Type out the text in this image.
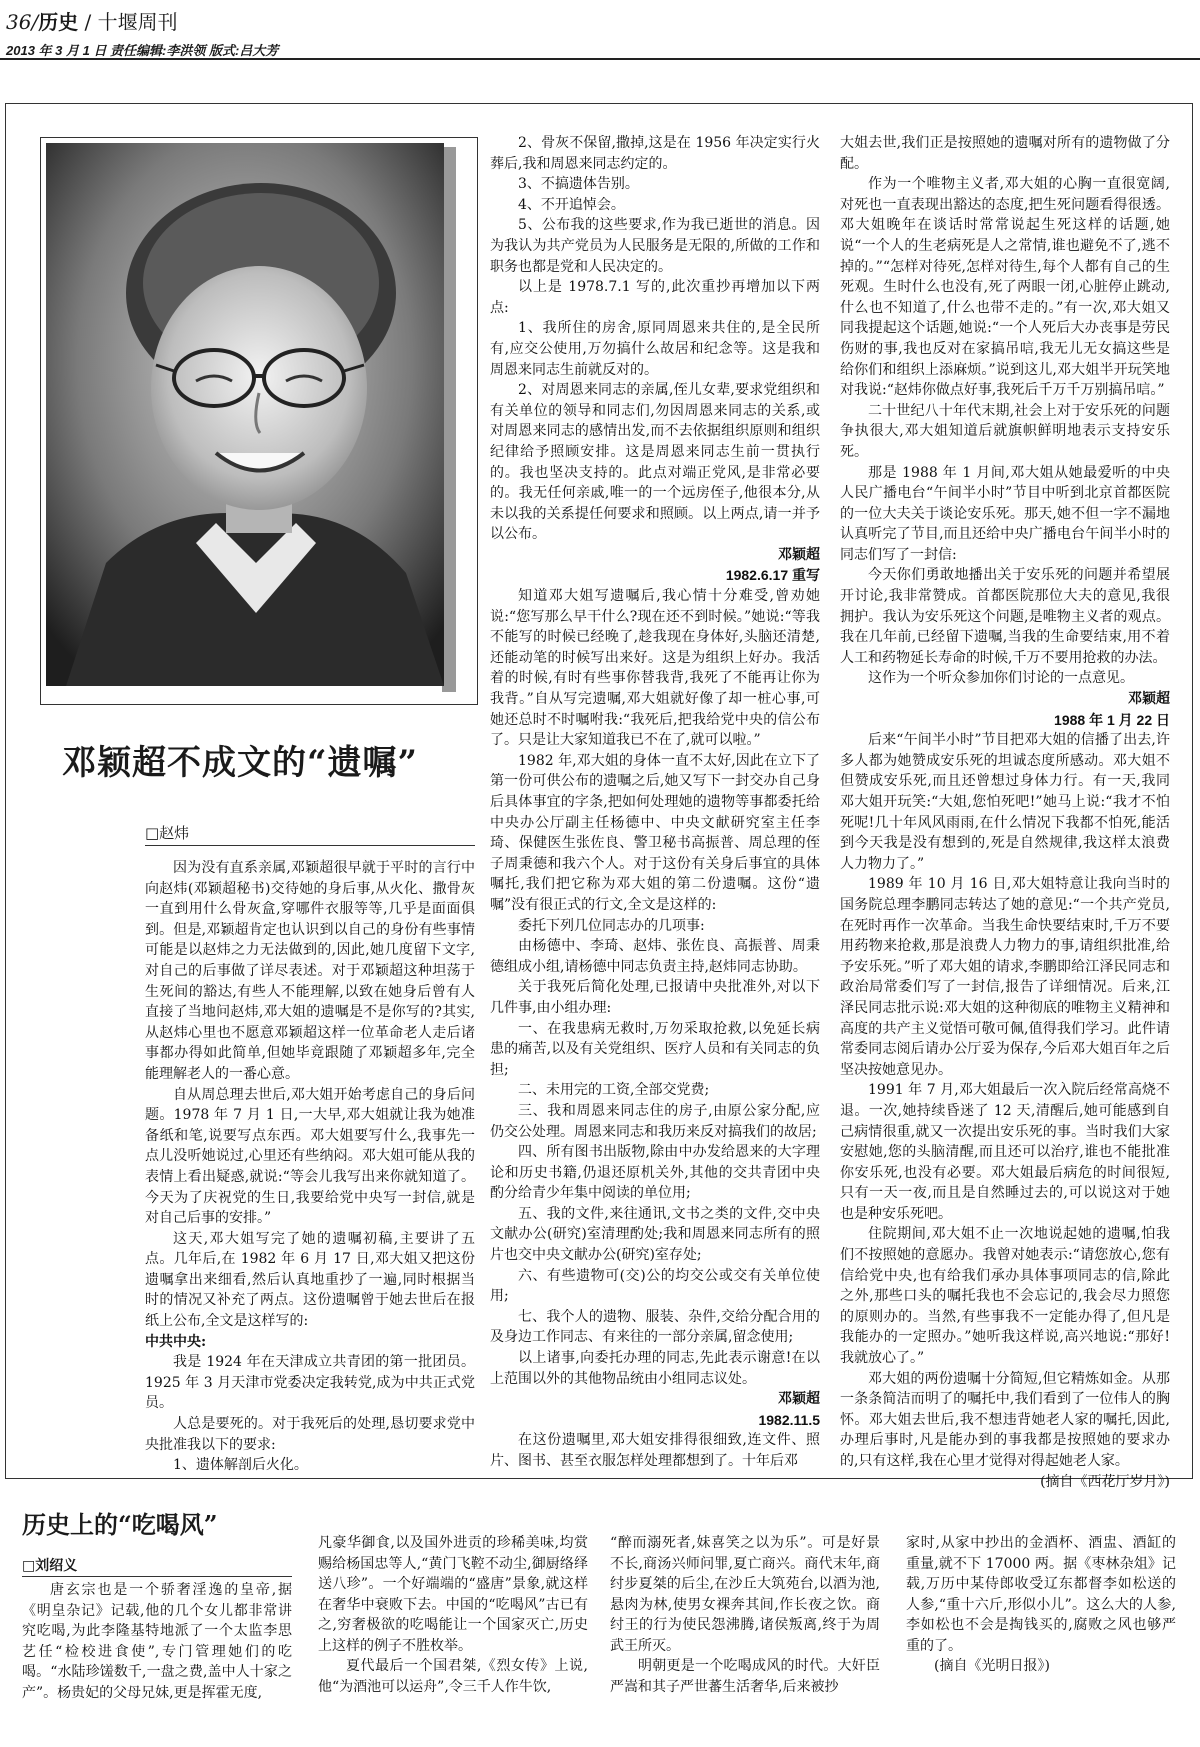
36/历史 / 十堰周刊
2013 年 3 月 1 日 责任编辑:李洪领 版式:吕大芳
邓颖超不成文的“遗嘱”
□赵炜

因为没有直系亲属,邓颖超很早就于平时的言行中向赵炜(邓颖超秘书)交待她的身后事,从火化、撒骨灰一直到用什么骨灰盒,穿哪件衣服等等,几乎是面面俱到。但是,邓颖超肯定也认识到以自己的身份有些事情可能是以赵炜之力无法做到的,因此,她几度留下文字,对自己的后事做了详尽表述。对于邓颖超这种坦荡于生死间的豁达,有些人不能理解,以致在她身后曾有人直接了当地问赵炜,邓大姐的遗嘱是不是你写的?其实,从赵炜心里也不愿意邓颖超这样一位革命老人走后诸事都办得如此简单,但她毕竟跟随了邓颖超多年,完全能理解老人的一番心意。

自从周总理去世后,邓大姐开始考虑自己的身后问题。1978 年 7 月 1 日,一大早,邓大姐就让我为她准备纸和笔,说要写点东西。邓大姐要写什么,我事先一点儿没听她说过,心里还有些纳闷。邓大姐可能从我的表情上看出疑惑,就说:“等会儿我写出来你就知道了。今天为了庆祝党的生日,我要给党中央写一封信,就是对自己后事的安排。”

这天,邓大姐写完了她的遗嘱初稿,主要讲了五点。几年后,在 1982 年 6 月 17 日,邓大姐又把这份遗嘱拿出来细看,然后认真地重抄了一遍,同时根据当时的情况又补充了两点。这份遗嘱曾于她去世后在报纸上公布,全文是这样写的:

中共中央:

我是 1924 年在天津成立共青团的第一批团员。1925 年 3 月天津市党委决定我转党,成为中共正式党员。

人总是要死的。对于我死后的处理,恳切要求党中央批准我以下的要求:

1、遗体解剖后火化。

2、骨灰不保留,撒掉,这是在 1956 年决定实行火葬后,我和周恩来同志约定的。

3、不搞遗体告别。

4、不开追悼会。

5、公布我的这些要求,作为我已逝世的消息。因为我认为共产党员为人民服务是无限的,所做的工作和职务也都是党和人民决定的。

以上是 1978.7.1 写的,此次重抄再增加以下两点:

1、我所住的房舍,原同周恩来共住的,是全民所有,应交公使用,万勿搞什么故居和纪念等。这是我和周恩来同志生前就反对的。

2、对周恩来同志的亲属,侄儿女辈,要求党组织和有关单位的领导和同志们,勿因周恩来同志的关系,或对周恩来同志的感情出发,而不去依据组织原则和组织纪律给予照顾安排。这是周恩来同志生前一贯执行的。我也坚决支持的。此点对端正党风,是非常必要的。我无任何亲戚,唯一的一个远房侄子,他很本分,从未以我的关系提任何要求和照顾。以上两点,请一并予以公布。

邓颖超

1982.6.17 重写

知道邓大姐写遗嘱后,我心情十分难受,曾劝她说:“您写那么早干什么?现在还不到时候。”她说:“等我不能写的时候已经晚了,趁我现在身体好,头脑还清楚,还能动笔的时候写出来好。这是为组织上好办。我活着的时候,有时有些事你替我背,我死了不能再让你为我背。”自从写完遗嘱,邓大姐就好像了却一桩心事,可她还总时不时嘱咐我:“我死后,把我给党中央的信公布了。只是让大家知道我已不在了,就可以啦。”

1982 年,邓大姐的身体一直不太好,因此在立下了第一份可供公布的遗嘱之后,她又写下一封交办自己身后具体事宜的字条,把如何处理她的遗物等事都委托给中央办公厅副主任杨德中、中央文献研究室主任李琦、保健医生张佐良、警卫秘书高振普、周总理的侄子周秉德和我六个人。对于这份有关身后事宜的具体嘱托,我们把它称为邓大姐的第二份遗嘱。这份“遗嘱”没有很正式的行文,全文是这样的:

委托下列几位同志办的几项事:

由杨德中、李琦、赵炜、张佐良、高振普、周秉德组成小组,请杨德中同志负责主持,赵炜同志协助。

关于我死后简化处理,已报请中央批准外,对以下几件事,由小组办理:

一、在我患病无救时,万勿采取抢救,以免延长病患的痛苦,以及有关党组织、医疗人员和有关同志的负担;

二、未用完的工资,全部交党费;

三、我和周恩来同志住的房子,由原公家分配,应仍交公处理。周恩来同志和我历来反对搞我们的故居;

四、所有图书出版物,除由中办发给恩来的大字理论和历史书籍,仍退还原机关外,其他的交共青团中央酌分给青少年集中阅读的单位用;

五、我的文件,来往通讯,文书之类的文件,交中央文献办公(研究)室清理酌处;我和周恩来同志所有的照片也交中央文献办公(研究)室存处;

六、有些遗物可(交)公的均交公或交有关单位使用;

七、我个人的遗物、服装、杂件,交给分配合用的及身边工作同志、有来往的一部分亲属,留念使用;

以上诸事,向委托办理的同志,先此表示谢意!在以上范围以外的其他物品统由小组同志议处。

邓颖超

1982.11.5

在这份遗嘱里,邓大姐安排得很细致,连文件、照片、图书、甚至衣服怎样处理都想到了。十年后邓

大姐去世,我们正是按照她的遗嘱对所有的遗物做了分配。

作为一个唯物主义者,邓大姐的心胸一直很宽阔,对死也一直表现出豁达的态度,把生死问题看得很透。邓大姐晚年在谈话时常常说起生死这样的话题,她说“一个人的生老病死是人之常情,谁也避免不了,逃不掉的。”“怎样对待死,怎样对待生,每个人都有自己的生死观。生时什么也没有,死了两眼一闭,心脏停止跳动,什么也不知道了,什么也带不走的。”有一次,邓大姐又同我提起这个话题,她说:“一个人死后大办丧事是劳民伤财的事,我也反对在家搞吊唁,我无儿无女搞这些是给你们和组织上添麻烦。”说到这儿,邓大姐半开玩笑地对我说:“赵炜你做点好事,我死后千万千万别搞吊唁。”

二十世纪八十年代末期,社会上对于安乐死的问题争执很大,邓大姐知道后就旗帜鲜明地表示支持安乐死。

那是 1988 年 1 月间,邓大姐从她最爱听的中央人民广播电台“午间半小时”节目中听到北京首都医院的一位大夫关于谈论安乐死。那天,她不但一字不漏地认真听完了节目,而且还给中央广播电台午间半小时的同志们写了一封信:

今天你们勇敢地播出关于安乐死的问题并希望展开讨论,我非常赞成。首都医院那位大夫的意见,我很拥护。我认为安乐死这个问题,是唯物主义者的观点。我在几年前,已经留下遗嘱,当我的生命要结束,用不着人工和药物延长寿命的时候,千万不要用抢救的办法。

这作为一个听众参加你们讨论的一点意见。

邓颖超

1988 年 1 月 22 日

后来“午间半小时”节目把邓大姐的信播了出去,许多人都为她赞成安乐死的坦诚态度所感动。邓大姐不但赞成安乐死,而且还曾想过身体力行。有一天,我同邓大姐开玩笑:“大姐,您怕死吧!”她马上说:“我才不怕死呢!几十年风风雨雨,在什么情况下我都不怕死,能活到今天我是没有想到的,死是自然规律,我这样太浪费人力物力了。”

1989 年 10 月 16 日,邓大姐特意让我向当时的国务院总理李鹏同志转达了她的意见:“一个共产党员,在死时再作一次革命。当我生命快要结束时,千万不要用药物来抢救,那是浪费人力物力的事,请组织批准,给予安乐死。”听了邓大姐的请求,李鹏即给江泽民同志和政治局常委们写了一封信,报告了详细情况。后来,江泽民同志批示说:邓大姐的这种彻底的唯物主义精神和高度的共产主义觉悟可敬可佩,值得我们学习。此件请常委同志阅后请办公厅妥为保存,今后邓大姐百年之后坚决按她意见办。

1991 年 7 月,邓大姐最后一次入院后经常高烧不退。一次,她持续昏迷了 12 天,清醒后,她可能感到自己病情很重,就又一次提出安乐死的事。当时我们大家安慰她,您的头脑清醒,而且还可以治疗,谁也不能批准你安乐死,也没有必要。邓大姐最后病危的时间很短,只有一天一夜,而且是自然睡过去的,可以说这对于她也是种安乐死吧。

住院期间,邓大姐不止一次地说起她的遗嘱,怕我们不按照她的意愿办。我曾对她表示:“请您放心,您有信给党中央,也有给我们承办具体事项同志的信,除此之外,那些口头的嘱托我也不会忘记的,我会尽力照您的原则办的。当然,有些事我不一定能办得了,但凡是我能办的一定照办。”她听我这样说,高兴地说:“那好!我就放心了。”

邓大姐的两份遗嘱十分简短,但它精炼如金。从那一条条简洁而明了的嘱托中,我们看到了一位伟人的胸怀。邓大姐去世后,我不想违背她老人家的嘱托,因此,办理后事时,凡是能办到的事我都是按照她的要求办的,只有这样,我在心里才觉得对得起她老人家。

(摘自《西花厅岁月》)

历史上的“吃喝风”
□刘绍义

唐玄宗也是一个骄奢淫逸的皇帝,据《明皇杂记》记载,他的几个女儿都非常讲究吃喝,为此李隆基特地派了一个太监李思艺任“检校进食使”,专门管理她们的吃喝。“水陆珍馐数千,一盘之费,盖中人十家之产”。杨贵妃的父母兄妹,更是挥霍无度,

凡豪华御食,以及国外进贡的珍稀美味,均赏赐给杨国忠等人,“黄门飞鞚不动尘,御厨络绎送八珍”。一个好端端的“盛唐”景象,就这样在奢华中衰败下去。中国的“吃喝风”古已有之,穷奢极欲的吃喝能让一个国家灭亡,历史上这样的例子不胜枚举。

夏代最后一个国君桀,《烈女传》上说,他“为酒池可以运舟”,令三千人作牛饮,

“醉而溺死者,妹喜笑之以为乐”。可是好景不长,商汤兴师问罪,夏亡商兴。商代末年,商纣步夏桀的后尘,在沙丘大筑苑台,以酒为池,悬肉为林,使男女裸奔其间,作长夜之饮。商纣王的行为使民怨沸腾,诸侯叛离,终于为周武王所灭。

明朝更是一个吃喝成风的时代。大奸臣严嵩和其子严世蕃生活奢华,后来被抄

家时,从家中抄出的金酒杯、酒盅、酒缸的重量,就不下 17000 两。据《枣林杂俎》记载,万历中某侍郎收受辽东都督李如松送的人参,“重十六斤,形似小儿”。这么大的人参,李如松也不会是掏钱买的,腐败之风也够严重的了。

(摘自《光明日报》)
